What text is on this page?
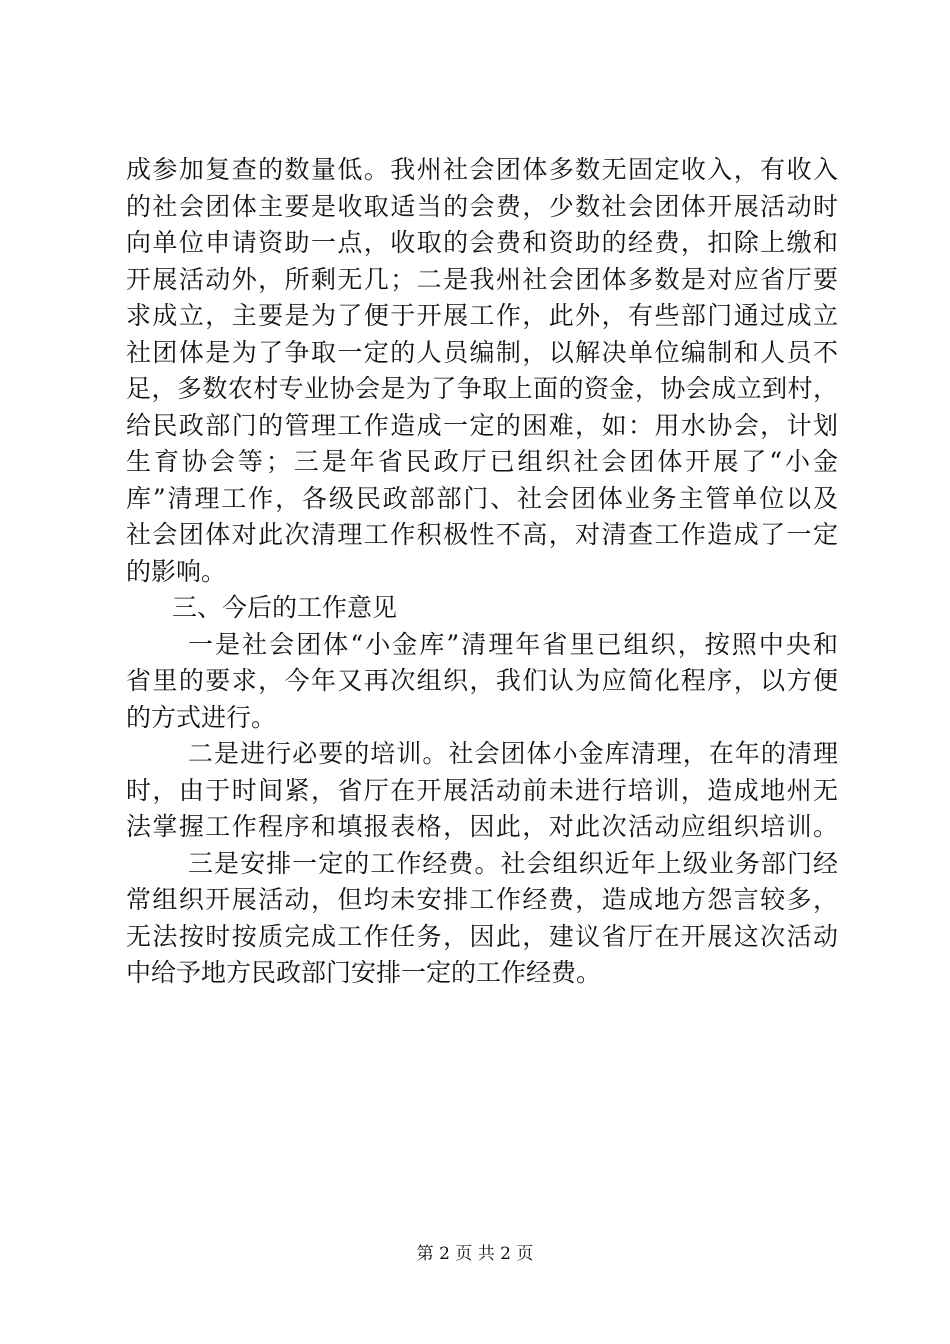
成参加复查的数量低。我州社会团体多数无固定收入，有收入
的社会团体主要是收取适当的会费，少数社会团体开展活动时
向单位申请资助一点，收取的会费和资助的经费，扣除上缴和
开展活动外，所剩无几；二是我州社会团体多数是对应省厅要
求成立，主要是为了便于开展工作，此外，有些部门通过成立
社团体是为了争取一定的人员编制，以解决单位编制和人员不
足，多数农村专业协会是为了争取上面的资金，协会成立到村，
给民政部门的管理工作造成一定的困难，如：用水协会，计划
生育协会等；三是年省民政厅已组织社会团体开展了“小金
库”清理工作，各级民政部部门、社会团体业务主管单位以及
社会团体对此次清理工作积极性不高，对清查工作造成了一定
的影响。
三、今后的工作意见
一是社会团体“小金库”清理年省里已组织，按照中央和
省里的要求，今年又再次组织，我们认为应简化程序，以方便
的方式进行。
二是进行必要的培训。社会团体小金库清理，在年的清理
时，由于时间紧，省厅在开展活动前未进行培训，造成地州无
法掌握工作程序和填报表格，因此，对此次活动应组织培训。
三是安排一定的工作经费。社会组织近年上级业务部门经
常组织开展活动，但均未安排工作经费，造成地方怨言较多，
无法按时按质完成工作任务，因此，建议省厅在开展这次活动
中给予地方民政部门安排一定的工作经费。
第 2 页 共 2 页
